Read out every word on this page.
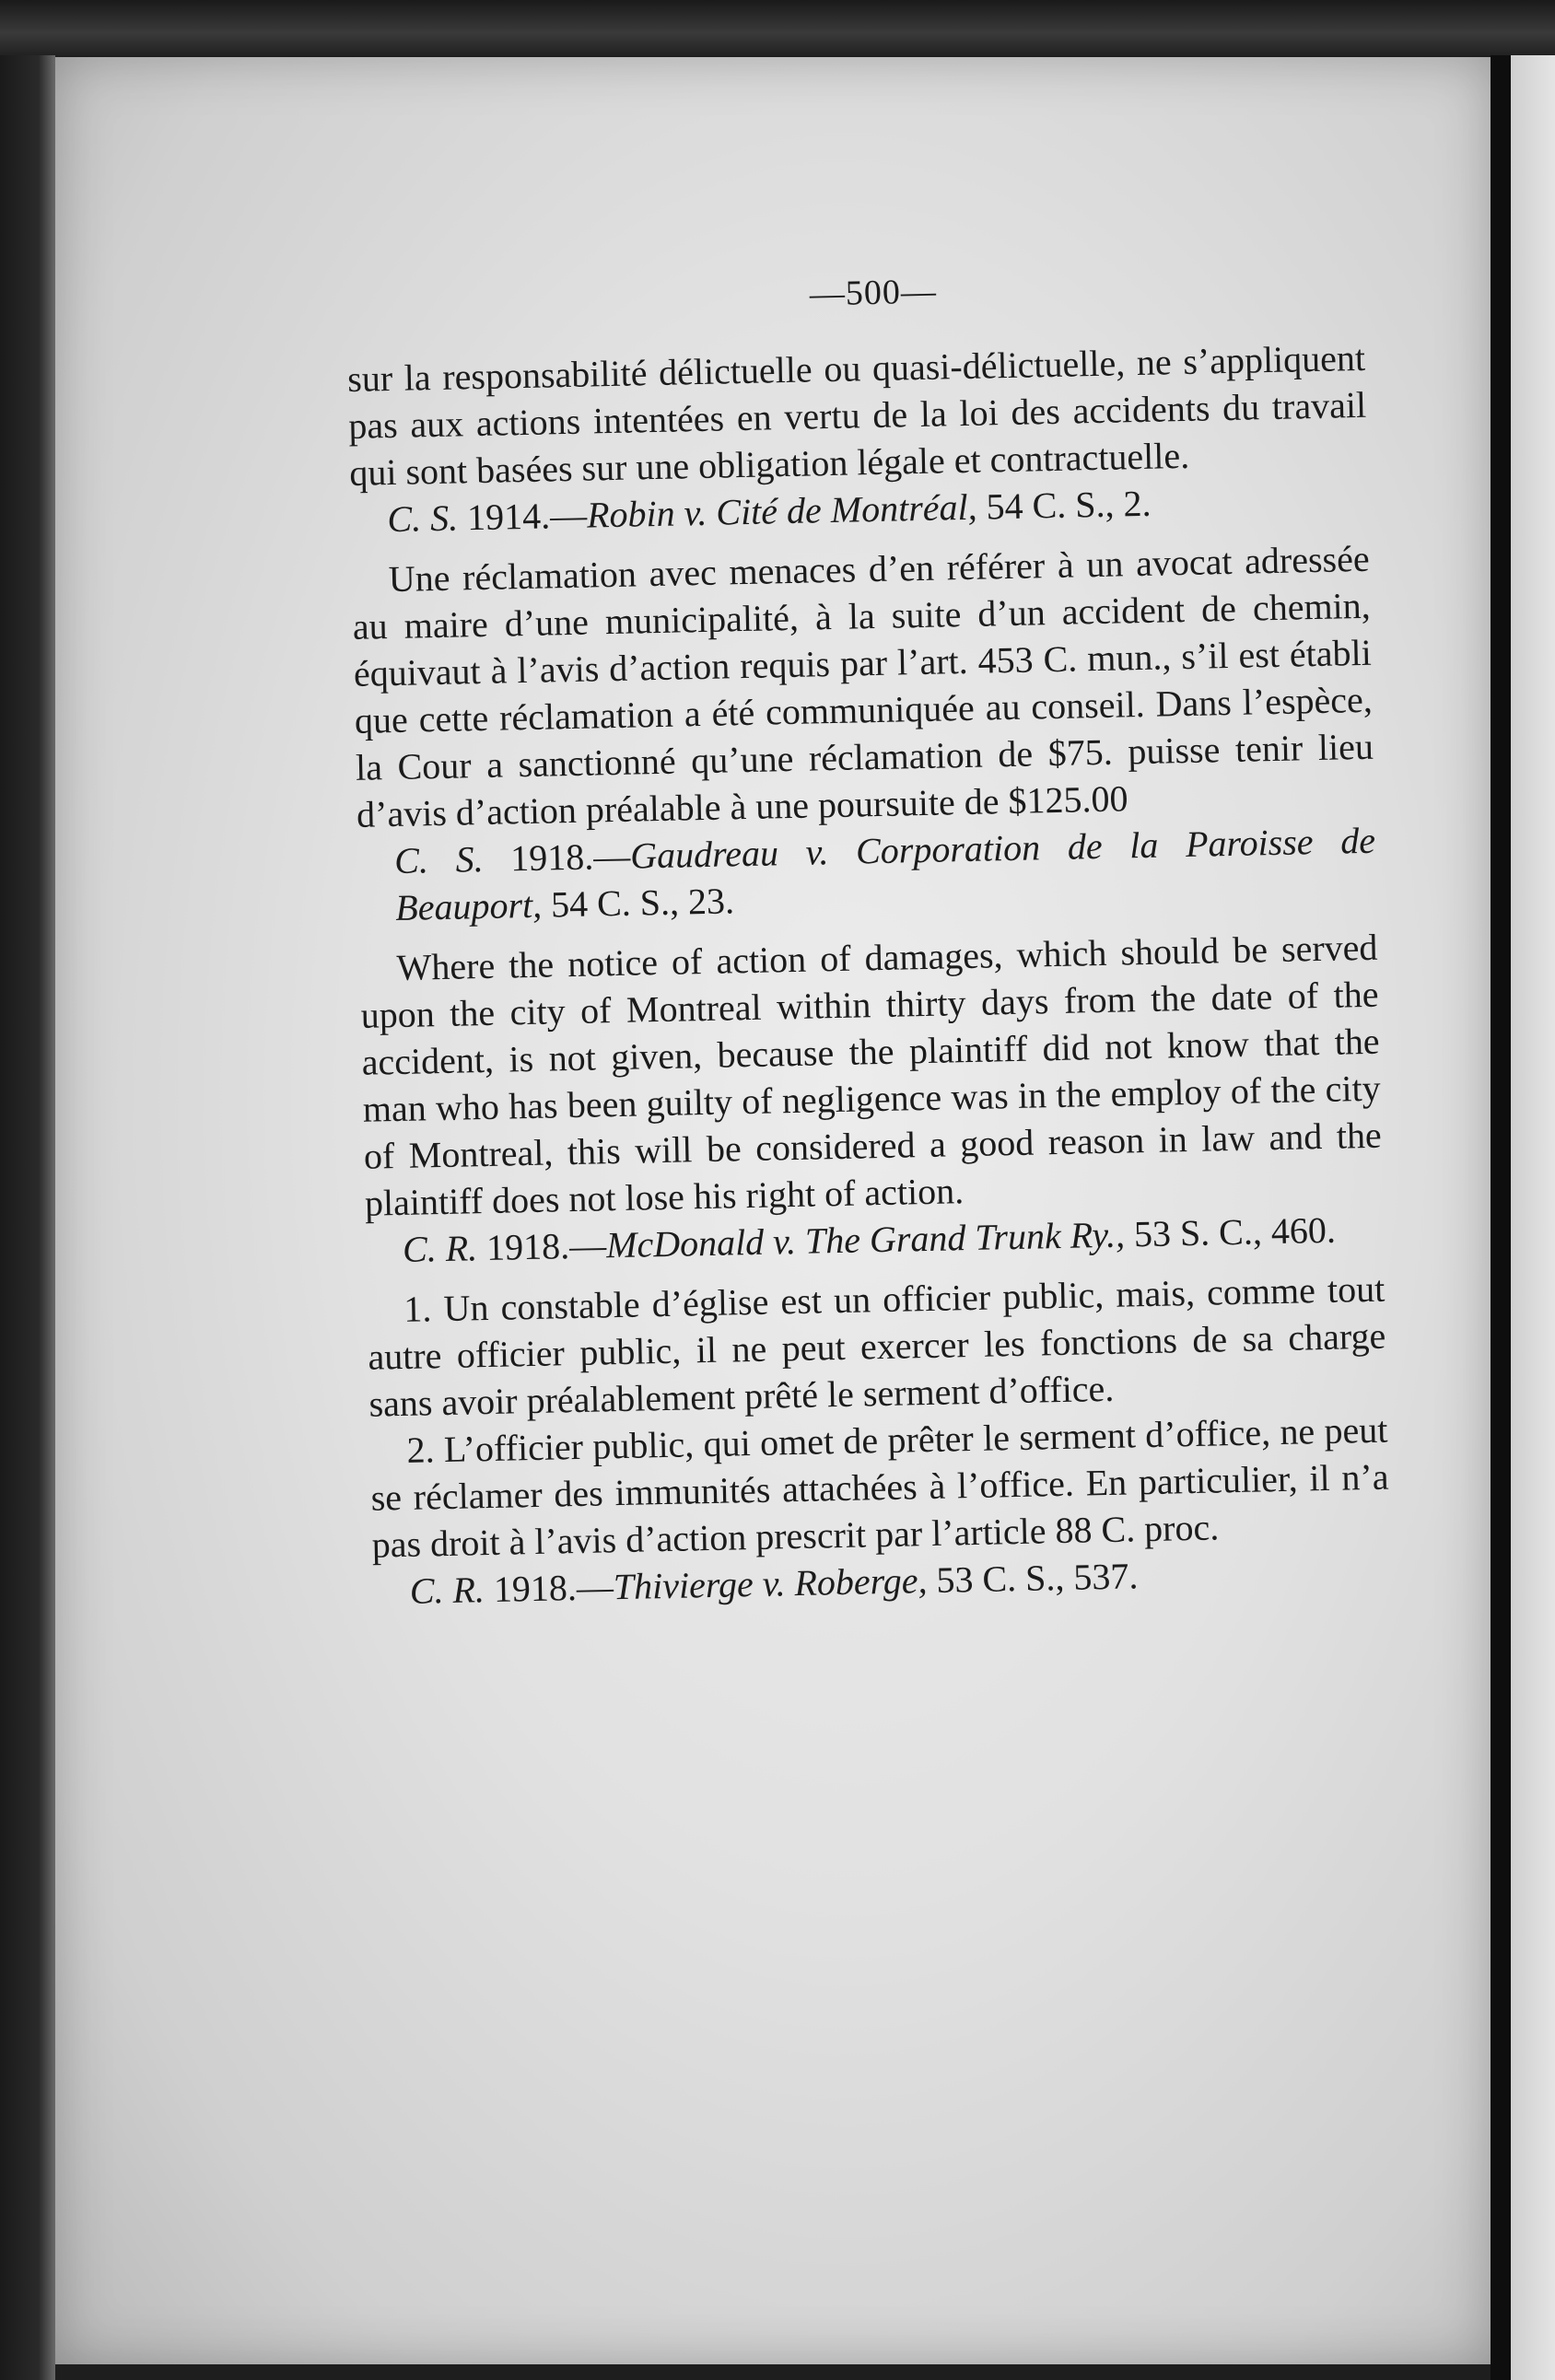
—500—

sur la responsabilité délictuelle ou quasi-délictuelle, ne s’appliquent pas aux actions intentées en vertu de la loi des accidents du travail qui sont basées sur une obligation légale et contractuelle.

C. S. 1914.—Robin v. Cité de Montréal, 54 C. S., 2.

Une réclamation avec menaces d’en référer à un avocat adressée au maire d’une municipalité, à la suite d’un accident de chemin, équivaut à l’avis d’action requis par l’art. 453 C. mun., s’il est établi que cette réclamation a été communiquée au conseil. Dans l’espèce, la Cour a sanctionné qu’une réclamation de $75. puisse tenir lieu d’avis d’action préalable à une poursuite de $125.00

C. S. 1918.—Gaudreau v. Corporation de la Paroisse de Beauport, 54 C. S., 23.

Where the notice of action of damages, which should be served upon the city of Montreal within thirty days from the date of the accident, is not given, because the plaintiff did not know that the man who has been guilty of negligence was in the employ of the city of Montreal, this will be considered a good reason in law and the plaintiff does not lose his right of action.

C. R. 1918.—McDonald v. The Grand Trunk Ry., 53 S. C., 460.

1. Un constable d’église est un officier public, mais, comme tout autre officier public, il ne peut exercer les fonctions de sa charge sans avoir préalablement prêté le serment d’office.

2. L’officier public, qui omet de prêter le serment d’office, ne peut se réclamer des immunités attachées à l’office. En particulier, il n’a pas droit à l’avis d’action prescrit par l’article 88 C. proc.

C. R. 1918.—Thivierge v. Roberge, 53 C. S., 537.
